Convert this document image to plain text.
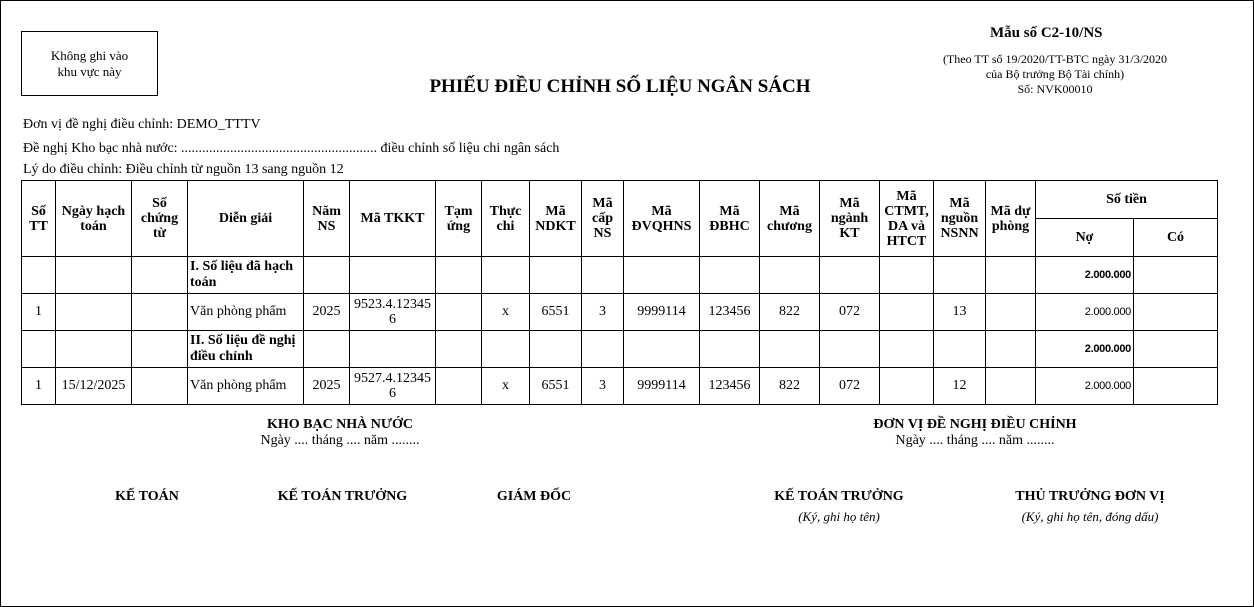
Không ghi vào
khu vực này
Mẫu số C2-10/NS
(Theo TT số 19/2020/TT-BTC ngày 31/3/2020
của Bộ trưởng Bộ Tài chính)
Số: NVK00010
PHIẾU ĐIỀU CHỈNH SỐ LIỆU NGÂN SÁCH
Đơn vị đề nghị điều chỉnh: DEMO_TTTV
Đề nghị Kho bạc nhà nước: ........................................................ điều chỉnh số liệu chi ngân sách
Lý do điều chỉnh: Điều chỉnh từ nguồn 13 sang nguồn 12
Số TT	Ngày hạch toán	Số chứng từ	Diễn giải	Năm NS	Mã TKKT	Tạm ứng	Thực chi	Mã NDKT	Mã cấp NS	Mã ĐVQHNS	Mã ĐBHC	Mã chương	Mã ngành KT	Mã CTMT, DA và HTCT	Mã nguồn NSNN	Mã dự phòng	Số tiền	
																	Nợ	Có
			I. Số liệu đã hạch toán														2.000.000	
1			Văn phòng phẩm	2025	9523.4.123456		x	6551	3	9999114	123456	822	072		13		2.000.000	
			II. Số liệu đề nghị điều chỉnh														2.000.000	
1	15/12/2025		Văn phòng phẩm	2025	9527.4.123456		x	6551	3	9999114	123456	822	072		12		2.000.000	
KHO BẠC NHÀ NƯỚC
Ngày .... tháng .... năm ........
ĐƠN VỊ ĐỀ NGHỊ ĐIỀU CHỈNH
Ngày .... tháng .... năm ........
KẾ TOÁN	KẾ TOÁN TRƯỞNG	GIÁM ĐỐC	KẾ TOÁN TRƯỞNG
(Ký, ghi họ tên)
THỦ TRƯỞNG ĐƠN VỊ
(Ký, ghi họ tên, đóng dấu)
